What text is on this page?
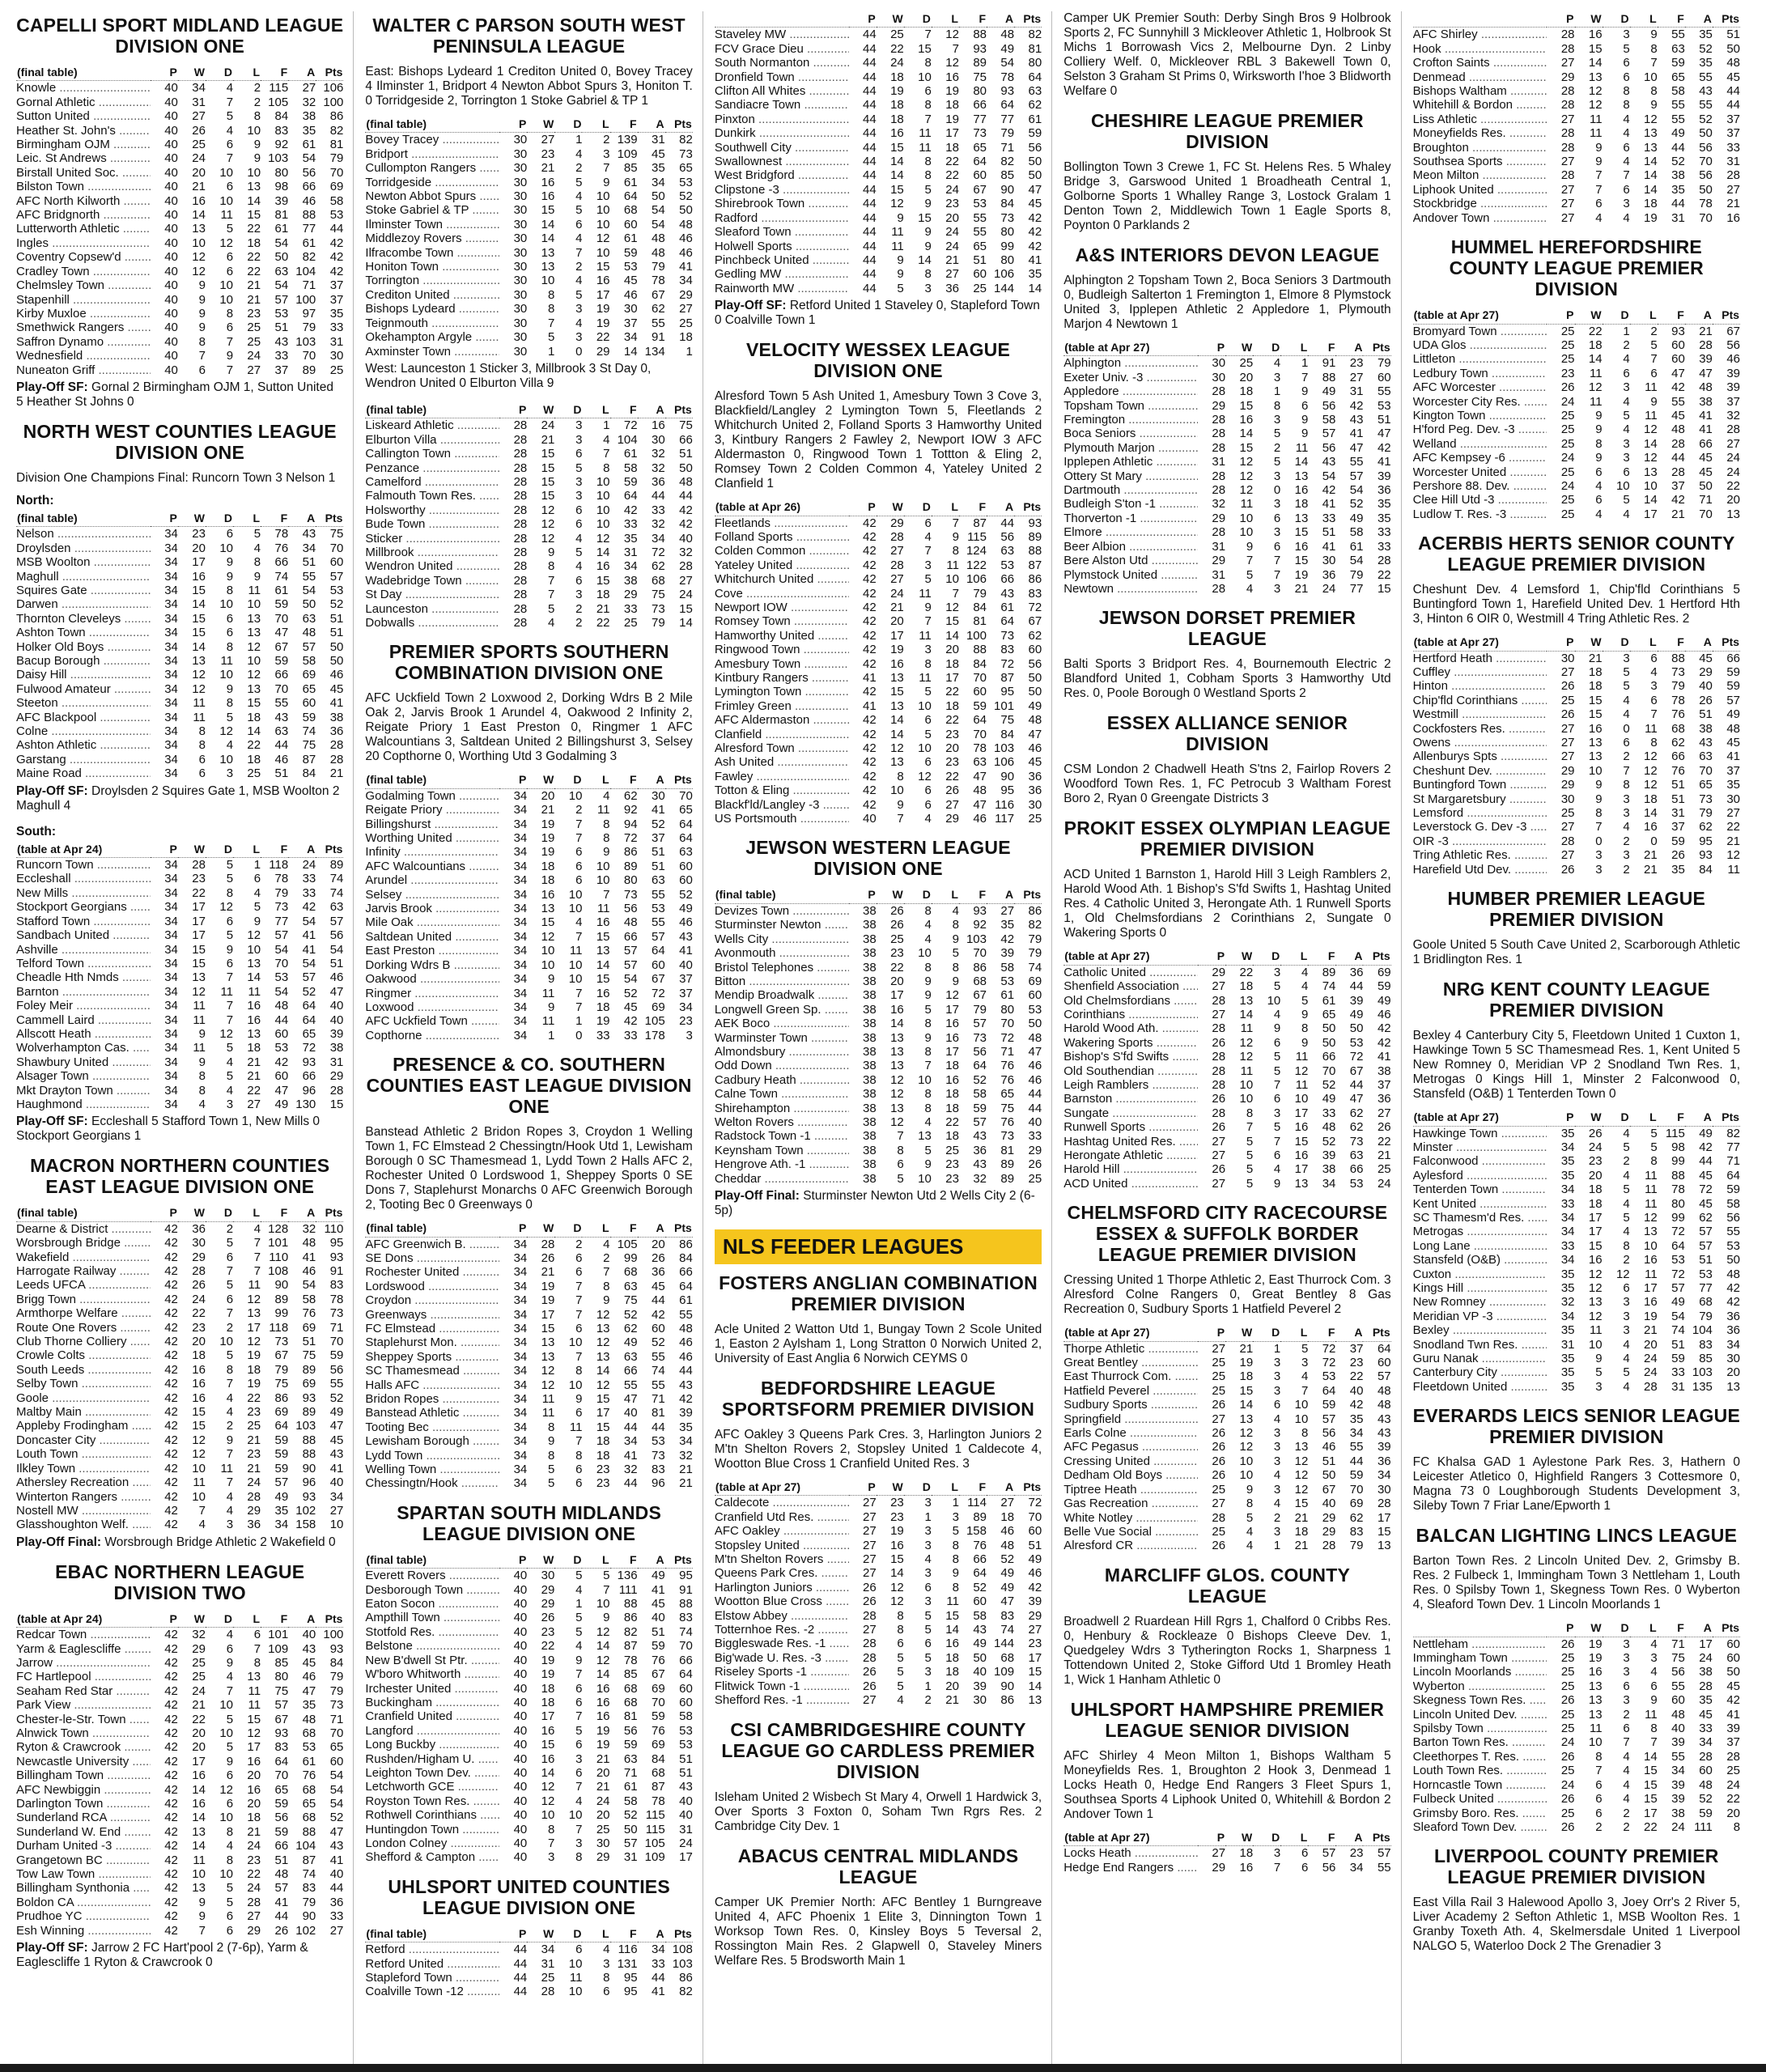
CAPELLI SPORT MIDLAND LEAGUE DIVISION ONE
(final table)	P	W	D	L	F	A	Pts
Knowle .....	40	34	4	2	115	27	106
Gornal Athletic .....	40	31	7	2	105	32	100
Sutton United .....	40	27	5	8	84	38	86
Heather St. John's .....	40	26	4	10	83	35	82
Birmingham OJM .....	40	25	6	9	92	61	81
Leic. St Andrews .....	40	24	7	9	103	54	79
Birstall United Soc. .....	40	20	10	10	80	56	70
Bilston Town .....	40	21	6	13	98	66	69
AFC North Kilworth .....	40	16	10	14	39	46	58
AFC Bridgnorth .....	40	14	11	15	81	88	53
Lutterworth Athletic .....	40	13	5	22	61	77	44
Ingles .....	40	10	12	18	54	61	42
Coventry Copsew'd .....	40	12	6	22	50	82	42
Cradley Town .....	40	12	6	22	63	104	42
Chelmsley Town .....	40	9	10	21	54	71	37
Stapenhill .....	40	9	10	21	57	100	37
Kirby Muxloe .....	40	9	8	23	53	97	35
Smethwick Rangers .....	40	9	6	25	51	79	33
Saffron Dynamo .....	40	8	7	25	43	103	31
Wednesfield .....	40	7	9	24	33	70	30
Nuneaton Griff .....	40	6	7	27	37	89	25

Play-Off SF: Gornal 2 Birmingham OJM 1, Sutton United 5 Heather St Johns 0

NORTH WEST COUNTIES LEAGUE DIVISION ONE

Division One Champions Final: Runcorn Town 3 Nelson 1

North:
(final table)	P	W	D	L	F	A	Pts
Nelson .....	34	23	6	5	78	43	75
Droylsden .....	34	20	10	4	76	34	70
MSB Woolton .....	34	17	9	8	66	51	60
Maghull .....	34	16	9	9	74	55	57
Squires Gate .....	34	15	8	11	61	54	53
Darwen .....	34	14	10	10	59	50	52
Thornton Cleveleys .....	34	15	6	13	70	63	51
Ashton Town .....	34	15	6	13	47	48	51
Holker Old Boys .....	34	14	8	12	67	57	50
Bacup Borough .....	34	13	11	10	59	58	50
Daisy Hill .....	34	12	10	12	66	69	46
Fulwood Amateur .....	34	12	9	13	70	65	45
Steeton .....	34	11	8	15	55	60	41
AFC Blackpool .....	34	11	5	18	43	59	38
Colne .....	34	8	12	14	63	74	36
Ashton Athletic .....	34	8	4	22	44	75	28
Garstang .....	34	6	10	18	46	87	28
Maine Road .....	34	6	3	25	51	84	21

Play-Off SF: Droylsden 2 Squires Gate 1, MSB Woolton 2 Maghull 4

South:
(table at Apr 24)	P	W	D	L	F	A	Pts
Runcorn Town .....	34	28	5	1	118	24	89
Eccleshall .....	34	23	5	6	78	33	74
New Mills .....	34	22	8	4	79	33	74
Stockport Georgians .....	34	17	12	5	73	42	63
Stafford Town .....	34	17	6	9	77	54	57
Sandbach United .....	34	17	5	12	57	41	56
Ashville .....	34	15	9	10	54	41	54
Telford Town .....	34	15	6	13	70	54	51
Cheadle Hth Nmds .....	34	13	7	14	53	57	46
Barnton .....	34	12	11	11	54	52	47
Foley Meir .....	34	11	7	16	48	64	40
Cammell Laird .....	34	11	7	16	44	64	40
Allscott Heath .....	34	9	12	13	60	65	39
Wolverhampton Cas. .....	34	11	5	18	53	72	38
Shawbury United .....	34	9	4	21	42	93	31
Alsager Town .....	34	8	5	21	60	66	29
Mkt Drayton Town .....	34	8	4	22	47	96	28
Haughmond .....	34	4	3	27	49	130	15

Play-Off SF: Eccleshall 5 Stafford Town 1, New Mills 0 Stockport Georgians 1

MACRON NORTHERN COUNTIES EAST LEAGUE DIVISION ONE
(final table)	P	W	D	L	F	A	Pts
Dearne & District .....	42	36	2	4	128	32	110
Worsbrough Bridge .....	42	30	5	7	101	48	95
Wakefield .....	42	29	6	7	110	41	93
Harrogate Railway .....	42	28	7	7	108	46	91
Leeds UFCA .....	42	26	5	11	90	54	83
Brigg Town .....	42	24	6	12	89	58	78
Armthorpe Welfare .....	42	22	7	13	99	76	73
Route One Rovers .....	42	23	2	17	118	69	71
Club Thorne Colliery .....	42	20	10	12	73	51	70
Crowle Colts .....	42	18	5	19	67	75	59
South Leeds .....	42	16	8	18	79	89	56
Selby Town .....	42	16	7	19	75	69	55
Goole .....	42	16	4	22	86	93	52
Maltby Main .....	42	15	4	23	69	89	49
Appleby Frodingham .....	42	15	2	25	64	103	47
Doncaster City .....	42	12	9	21	59	88	45
Louth Town .....	42	12	7	23	59	88	43
Ilkley Town .....	42	10	11	21	59	90	41
Athersley Recreation .....	42	11	7	24	57	96	40
Winterton Rangers .....	42	10	4	28	49	93	34
Nostell MW .....	42	7	4	29	35	102	27
Glasshoughton Welf. .....	42	4	3	36	34	158	10

Play-Off Final: Worsbrough Bridge Athletic 2 Wakefield 0

EBAC NORTHERN LEAGUE DIVISION TWO
(table at Apr 24)	P	W	D	L	F	A	Pts
Redcar Town .....	42	32	4	6	101	40	100
Yarm & Eaglescliffe .....	42	29	6	7	109	43	93
Jarrow .....	42	25	9	8	85	45	84
FC Hartlepool .....	42	25	4	13	80	46	79
Seaham Red Star .....	42	24	7	11	75	47	79
Park View .....	42	21	10	11	57	35	73
Chester-le-Str. Town .....	42	22	5	15	67	48	71
Alnwick Town .....	42	20	10	12	93	68	70
Ryton & Crawcrook .....	42	20	5	17	83	53	65
Newcastle University .....	42	17	9	16	64	61	60
Billingham Town .....	42	16	6	20	70	76	54
AFC Newbiggin .....	42	14	12	16	65	68	54
Darlington Town .....	42	16	6	20	59	65	54
Sunderland RCA .....	42	14	10	18	56	68	52
Sunderland W. End .....	42	13	8	21	59	88	47
Durham United -3 .....	42	14	4	24	66	104	43
Grangetown BC .....	42	11	8	23	51	87	41
Tow Law Town .....	42	10	10	22	48	74	40
Billingham Synthonia .....	42	13	5	24	57	83	44
Boldon CA .....	42	9	5	28	41	79	36
Prudhoe YC .....	42	9	6	27	44	90	33
Esh Winning .....	42	7	6	29	26	102	27

Play-Off SF: Jarrow 2 FC Hart'pool 2 (7-6p), Yarm & Eaglescliffe 1 Ryton & Crawcrook 0

WALTER C PARSON SOUTH WEST PENINSULA LEAGUE

East: Bishops Lydeard 1 Crediton United 0, Bovey Tracey 4 Ilminster 1, Bridport 4 Newton Abbot Spurs 3, Honiton T. 0 Torridgeside 2, Torrington 1 Stoke Gabriel & TP 1

(final table)	P	W	D	L	F	A	Pts
Bovey Tracey .....	30	27	1	2	139	31	82
Bridport .....	30	23	4	3	109	45	73
Cullompton Rangers .....	30	21	2	7	85	35	65
Torridgeside .....	30	16	5	9	61	34	53
Newton Abbot Spurs .....	30	16	4	10	64	50	52
Stoke Gabriel & TP .....	30	15	5	10	68	54	50
Ilminster Town .....	30	14	6	10	60	54	48
Middlezoy Rovers .....	30	14	4	12	61	48	46
Ilfracombe Town .....	30	13	7	10	59	48	46
Honiton Town .....	30	13	2	15	53	79	41
Torrington .....	30	10	4	16	45	78	34
Crediton United .....	30	8	5	17	46	67	29
Bishops Lydeard .....	30	8	3	19	30	62	27
Teignmouth .....	30	7	4	19	37	55	25
Okehampton Argyle .....	30	5	3	22	34	91	18
Axminster Town .....	30	1	0	29	14	134	1

West: Launceston 1 Sticker 3, Millbrook 3 St Day 0, Wendron United 0 Elburton Villa 9

(final table)	P	W	D	L	F	A	Pts
Liskeard Athletic .....	28	24	3	1	72	16	75
Elburton Villa .....	28	21	3	4	104	30	66
Callington Town .....	28	15	6	7	61	32	51
Penzance .....	28	15	5	8	58	32	50
Camelford .....	28	15	3	10	59	36	48
Falmouth Town Res. .....	28	15	3	10	64	44	44
Holsworthy .....	28	12	6	10	42	33	42
Bude Town .....	28	12	6	10	33	32	42
Sticker .....	28	12	4	12	35	34	40
Millbrook .....	28	9	5	14	31	72	32
Wendron United .....	28	8	4	16	34	62	28
Wadebridge Town .....	28	7	6	15	38	68	27
St Day .....	28	7	3	18	29	75	24
Launceston .....	28	5	2	21	33	73	15
Dobwalls .....	28	4	2	22	25	79	14
PREMIER SPORTS SOUTHERN COMBINATION DIVISION ONE

AFC Uckfield Town 2 Loxwood 2, Dorking Wdrs B 2 Mile Oak 2, Jarvis Brook 1 Arundel 4, Oakwood 2 Infinity 2, Reigate Priory 1 East Preston 0, Ringmer 1 AFC Walcountians 3, Saltdean United 2 Billingshurst 3, Selsey 20 Copthorne 0, Worthing Utd 3 Godalming 3

(final table)	P	W	D	L	F	A	Pts
Godalming Town .....	34	20	10	4	62	30	70
Reigate Priory .....	34	21	2	11	92	41	65
Billingshurst .....	34	19	7	8	94	52	64
Worthing United .....	34	19	7	8	72	37	64
Infinity .....	34	19	6	9	86	51	63
AFC Walcountians .....	34	18	6	10	89	51	60
Arundel .....	34	18	6	10	80	63	60
Selsey .....	34	16	10	7	73	55	52
Jarvis Brook .....	34	13	10	11	56	53	49
Mile Oak .....	34	15	4	16	48	55	46
Saltdean United .....	34	12	7	15	66	57	43
East Preston .....	34	10	11	13	57	64	41
Dorking Wdrs B .....	34	10	10	14	57	60	40
Oakwood .....	34	9	10	15	54	67	37
Ringmer .....	34	11	7	16	52	72	37
Loxwood .....	34	9	7	18	45	69	34
AFC Uckfield Town .....	34	11	1	19	42	105	23
Copthorne .....	34	1	0	33	33	178	3
PRESENCE & CO. SOUTHERN COUNTIES EAST LEAGUE DIVISION ONE

Banstead Athletic 2 Bridon Ropes 3, Croydon 1 Welling Town 1, FC Elmstead 2 Chessingtn/Hook Utd 1, Lewisham Borough 0 SC Thamesmead 1, Lydd Town 2 Halls AFC 2, Rochester United 0 Lordswood 1, Sheppey Sports 0 SE Dons 7, Staplehurst Monarchs 0 AFC Greenwich Borough 2, Tooting Bec 0 Greenways 0

(final table)	P	W	D	L	F	A	Pts
AFC Greenwich B. .....	34	28	2	4	105	20	86
SE Dons .....	34	26	6	2	99	26	84
Rochester United .....	34	21	6	7	68	36	66
Lordswood .....	34	19	7	8	63	45	64
Croydon .....	34	19	7	9	75	44	61
Greenways .....	34	17	7	12	52	42	55
FC Elmstead .....	34	15	6	13	62	60	48
Staplehurst Mon. .....	34	13	10	12	49	52	46
Sheppey Sports .....	34	13	7	13	63	55	46
SC Thamesmead .....	34	12	8	14	66	74	44
Halls AFC .....	34	12	10	12	55	55	43
Bridon Ropes .....	34	11	9	15	47	71	42
Banstead Athletic .....	34	11	6	17	40	81	39
Tooting Bec .....	34	8	11	15	44	44	35
Lewisham Borough .....	34	9	7	18	34	53	34
Lydd Town .....	34	8	8	18	41	73	32
Welling Town .....	34	5	6	23	32	83	21
Chessingtn/Hook .....	34	5	6	23	44	96	21
SPARTAN SOUTH MIDLANDS LEAGUE DIVISION ONE
(final table)	P	W	D	L	F	A	Pts
Everett Rovers .....	40	30	5	5	136	49	95
Desborough Town .....	40	29	4	7	111	41	91
Eaton Socon .....	40	29	1	10	88	45	88
Ampthill Town .....	40	26	5	9	86	40	83
Stotfold Res. .....	40	23	5	12	82	51	74
Belstone .....	40	22	4	14	87	59	70
New B'dwell St Ptr. .....	40	19	9	12	78	76	66
W'boro Whitworth .....	40	19	7	14	85	67	64
Irchester United .....	40	18	6	16	68	69	60
Buckingham .....	40	18	6	16	68	70	60
Cranfield United .....	40	17	7	16	81	59	58
Langford .....	40	16	5	19	56	76	53
Long Buckby .....	40	15	6	19	59	69	53
Rushden/Higham U. .....	40	16	3	21	63	84	51
Leighton Town Dev. .....	40	14	6	20	71	68	51
Letchworth GCE .....	40	12	7	21	61	87	43
Royston Town Res. .....	40	12	4	24	58	78	40
Rothwell Corinthians .....	40	10	10	20	52	115	40
Huntingdon Town .....	40	8	7	25	50	115	31
London Colney .....	40	7	3	30	57	105	24
Shefford & Campton .....	40	3	8	29	31	109	17
UHLSPORT UNITED COUNTIES LEAGUE DIVISION ONE
(final table)	P	W	D	L	F	A	Pts
Retford .....	44	34	6	4	116	34	108
Retford United .....	44	31	10	3	131	33	103
Stapleford Town .....	44	25	11	8	95	44	86
Coalville Town -12 .....	44	28	10	6	95	41	82
	P	W	D	L	F	A	Pts
Staveley MW .....	44	25	7	12	88	48	82
FCV Grace Dieu .....	44	22	15	7	93	49	81
South Normanton .....	44	24	8	12	89	54	80
Dronfield Town .....	44	18	10	16	75	78	64
Clifton All Whites .....	44	19	6	19	80	93	63
Sandiacre Town .....	44	18	8	18	66	64	62
Pinxton .....	44	18	7	19	77	77	61
Dunkirk .....	44	16	11	17	73	79	59
Southwell City .....	44	15	11	18	65	71	56
Swallownest .....	44	14	8	22	64	82	50
West Bridgford .....	44	14	8	22	60	85	50
Clipstone -3 .....	44	15	5	24	67	90	47
Shirebrook Town .....	44	12	9	23	53	84	45
Radford .....	44	9	15	20	55	73	42
Sleaford Town .....	44	11	9	24	55	80	42
Holwell Sports .....	44	11	9	24	65	99	42
Pinchbeck United .....	44	9	14	21	51	80	41
Gedling MW .....	44	9	8	27	60	106	35
Rainworth MW .....	44	5	3	36	25	144	14

Play-Off SF: Retford United 1 Staveley 0, Stapleford Town 0 Coalville Town 1

VELOCITY WESSEX LEAGUE DIVISION ONE

Alresford Town 5 Ash United 1, Amesbury Town 3 Cove 3, Blackfield/Langley 2 Lymington Town 5, Fleetlands 2 Whitchurch United 2, Folland Sports 3 Hamworthy United 3, Kintbury Rangers 2 Fawley 2, Newport IOW 3 AFC Aldermaston 0, Ringwood Town 1 Tottton & Eling 2, Romsey Town 2 Colden Common 4, Yateley United 2 Clanfield 1

(table at Apr 26)	P	W	D	L	F	A	Pts
Fleetlands .....	42	29	6	7	87	44	93
Folland Sports .....	42	28	4	9	115	56	89
Colden Common .....	42	27	7	8	124	63	88
Yateley United .....	42	28	3	11	122	53	87
Whitchurch United .....	42	27	5	10	106	66	86
Cove .....	42	24	11	7	79	43	83
Newport IOW .....	42	21	9	12	84	61	72
Romsey Town .....	42	20	7	15	81	64	67
Hamworthy United .....	42	17	11	14	100	73	62
Ringwood Town .....	42	19	3	20	88	83	60
Amesbury Town .....	42	16	8	18	84	72	56
Kintbury Rangers .....	41	13	11	17	70	87	50
Lymington Town .....	42	15	5	22	60	95	50
Frimley Green .....	41	13	10	18	59	101	49
AFC Aldermaston .....	42	14	6	22	64	75	48
Clanfield .....	42	14	5	23	70	84	47
Alresford Town .....	42	12	10	20	78	103	46
Ash United .....	42	13	6	23	63	106	45
Fawley .....	42	8	12	22	47	90	36
Totton & Eling .....	42	10	6	26	48	95	36
Blackf'ld/Langley -3 .....	42	9	6	27	47	116	30
US Portsmouth .....	40	7	4	29	46	117	25
JEWSON WESTERN LEAGUE DIVISION ONE
(final table)	P	W	D	L	F	A	Pts
Devizes Town .....	38	26	8	4	93	27	86
Sturminster Newton .....	38	26	4	8	92	35	82
Wells City .....	38	25	4	9	103	42	79
Avonmouth .....	38	23	10	5	70	39	79
Bristol Telephones .....	38	22	8	8	86	58	74
Bitton .....	38	20	9	9	68	53	69
Mendip Broadwalk .....	38	17	9	12	67	61	60
Longwell Green Sp. .....	38	16	5	17	79	80	53
AEK Boco .....	38	14	8	16	57	70	50
Warminster Town .....	38	13	9	16	73	72	48
Almondsbury .....	38	13	8	17	56	71	47
Odd Down .....	38	13	7	18	64	76	46
Cadbury Heath .....	38	12	10	16	52	76	46
Calne Town .....	38	12	8	18	58	65	44
Shirehampton .....	38	13	8	18	59	75	44
Welton Rovers .....	38	12	4	22	57	76	40
Radstock Town -1 .....	38	7	13	18	43	73	33
Keynsham Town .....	38	8	5	25	36	81	29
Hengrove Ath. -1 .....	38	6	9	23	43	89	26
Cheddar .....	38	5	10	23	32	89	25

Play-Off Final: Sturminster Newton Utd 2 Wells City 2 (6-5p)

NLS FEEDER LEAGUES
FOSTERS ANGLIAN COMBINATION PREMIER DIVISION

Acle United 2 Watton Utd 1, Bungay Town 2 Scole United 1, Easton 2 Aylsham 1, Long Stratton 0 Norwich United 2, University of East Anglia 6 Norwich CEYMS 0

BEDFORDSHIRE LEAGUE SPORTSFORM PREMIER DIVISION

AFC Oakley 3 Queens Park Cres. 3, Harlington Juniors 2 M'tn Shelton Rovers 2, Stopsley United 1 Caldecote 4, Wootton Blue Cross 1 Cranfield United Res. 3

(table at Apr 27)	P	W	D	L	F	A	Pts
Caldecote .....	27	23	3	1	114	27	72
Cranfield Utd Res. .....	27	23	1	3	89	18	70
AFC Oakley .....	27	19	3	5	158	46	60
Stopsley United .....	27	16	3	8	76	48	51
M'tn Shelton Rovers .....	27	15	4	8	66	52	49
Queens Park Cres. .....	27	14	3	9	64	49	46
Harlington Juniors .....	26	12	6	8	52	49	42
Wootton Blue Cross .....	26	12	3	11	60	47	39
Elstow Abbey .....	28	8	5	15	58	83	29
Totternhoe Res. -2 .....	27	8	5	14	43	74	27
Biggleswade Res. -1 .....	28	6	6	16	49	144	23
Big'wade U. Res. -3 .....	28	5	5	18	50	68	17
Riseley Sports -1 .....	26	5	3	18	40	109	15
Flitwick Town -1 .....	26	5	1	20	39	90	14
Shefford Res. -1 .....	27	4	2	21	30	86	13
CSI CAMBRIDGESHIRE COUNTY LEAGUE GO CARDLESS PREMIER DIVISION

Isleham United 2 Wisbech St Mary 4, Orwell 1 Hardwick 3, Over Sports 3 Foxton 0, Soham Twn Rgrs Res. 2 Cambridge City Dev. 1

ABACUS CENTRAL MIDLANDS LEAGUE

Camper UK Premier North: AFC Bentley 1 Burngreave United 4, AFC Phoenix 1 Elite 3, Dinnington Town 1 Worksop Town Res. 0, Kinsley Boys 5 Teversal 2, Rossington Main Res. 2 Glapwell 0, Staveley Miners Welfare Res. 5 Brodsworth Main 1

Camper UK Premier South: Derby Singh Bros 9 Holbrook Sports 2, FC Sunnyhill 3 Mickleover Athletic 1, Holbrook St Michs 1 Borrowash Vics 2, Melbourne Dyn. 2 Linby Colliery Welf. 0, Mickleover RBL 3 Bakewell Town 0, Selston 3 Graham St Prims 0, Wirksworth I'hoe 3 Blidworth Welfare 0

CHESHIRE LEAGUE PREMIER DIVISION

Bollington Town 3 Crewe 1, FC St. Helens Res. 5 Whaley Bridge 3, Garswood United 1 Broadheath Central 1, Golborne Sports 1 Whalley Range 3, Lostock Gralam 1 Denton Town 2, Middlewich Town 1 Eagle Sports 8, Poynton 0 Parklands 2

A&S INTERIORS DEVON LEAGUE

Alphington 2 Topsham Town 2, Boca Seniors 3 Dartmouth 0, Budleigh Salterton 1 Fremington 1, Elmore 8 Plymstock United 3, Ipplepen Athletic 2 Appledore 1, Plymouth Marjon 4 Newtown 1

(table at Apr 27)	P	W	D	L	F	A	Pts
Alphington .....	30	25	4	1	91	23	79
Exeter Univ. -3 .....	30	20	3	7	88	27	60
Appledore .....	28	18	1	9	49	31	55
Topsham Town .....	29	15	8	6	56	42	53
Fremington .....	28	16	3	9	58	43	51
Boca Seniors .....	28	14	5	9	57	41	47
Plymouth Marjon .....	28	15	2	11	56	47	42
Ipplepen Athletic .....	31	12	5	14	43	55	41
Ottery St Mary .....	28	12	3	13	54	57	39
Dartmouth .....	28	12	0	16	42	54	36
Budleigh S'ton -1 .....	32	11	3	18	41	52	35
Thorverton -1 .....	29	10	6	13	33	49	35
Elmore .....	28	10	3	15	51	58	33
Beer Albion .....	31	9	6	16	41	61	33
Bere Alston Utd .....	29	7	7	15	30	54	28
Plymstock United .....	31	5	7	19	36	79	22
Newtown .....	28	4	3	21	24	77	15
JEWSON DORSET PREMIER LEAGUE

Balti Sports 3 Bridport Res. 4, Bournemouth Electric 2 Blandford United 1, Cobham Sports 3 Hamworthy Utd Res. 0, Poole Borough 0 Westland Sports 2

ESSEX ALLIANCE SENIOR DIVISION

CSM London 2 Chadwell Heath S'tns 2, Fairlop Rovers 2 Woodford Town Res. 1, FC Petrocub 3 Waltham Forest Boro 2, Ryan 0 Greengate Districts 3

PROKIT ESSEX OLYMPIAN LEAGUE PREMIER DIVISION

ACD United 1 Barnston 1, Harold Hill 3 Leigh Ramblers 2, Harold Wood Ath. 1 Bishop's S'fd Swifts 1, Hashtag United Res. 4 Catholic United 3, Herongate Ath. 1 Runwell Sports 1, Old Chelmsfordians 2 Corinthians 2, Sungate 0 Wakering Sports 0

(table at Apr 27)	P	W	D	L	F	A	Pts
Catholic United .....	29	22	3	4	89	36	69
Shenfield Association .....	27	18	5	4	74	44	59
Old Chelmsfordians .....	28	13	10	5	61	39	49
Corinthians .....	27	14	4	9	65	49	46
Harold Wood Ath. .....	28	11	9	8	50	50	42
Wakering Sports .....	26	12	6	9	50	53	42
Bishop's S'fd Swifts .....	28	12	5	11	66	72	41
Old Southendian .....	28	11	5	12	70	67	38
Leigh Ramblers .....	28	10	7	11	52	44	37
Barnston .....	26	10	6	10	49	47	36
Sungate .....	28	8	3	17	33	62	27
Runwell Sports .....	26	7	5	16	48	62	26
Hashtag United Res. .....	27	5	7	15	52	73	22
Herongate Athletic .....	27	5	6	16	39	63	21
Harold Hill .....	26	5	4	17	38	66	25
ACD United .....	27	5	9	13	34	53	24
CHELMSFORD CITY RACECOURSE ESSEX & SUFFOLK BORDER LEAGUE PREMIER DIVISION

Cressing United 1 Thorpe Athletic 2, East Thurrock Com. 3 Alresford Colne Rangers 0, Great Bentley 8 Gas Recreation 0, Sudbury Sports 1 Hatfield Peverel 2

(table at Apr 27)	P	W	D	L	F	A	Pts
Thorpe Athletic .....	27	21	1	5	72	37	64
Great Bentley .....	25	19	3	3	72	23	60
East Thurrock Com. .....	25	18	3	4	53	22	57
Hatfield Peverel .....	25	15	3	7	64	40	48
Sudbury Sports .....	26	14	6	10	59	42	48
Springfield .....	27	13	4	10	57	35	43
Earls Colne .....	26	12	3	8	56	34	43
AFC Pegasus .....	26	12	3	13	46	55	39
Cressing United .....	26	10	3	12	51	44	36
Dedham Old Boys .....	26	10	4	12	50	59	34
Tiptree Heath .....	25	9	3	12	67	70	30
Gas Recreation .....	27	8	4	15	40	69	28
White Notley .....	28	5	2	21	29	62	17
Belle Vue Social .....	25	4	3	18	29	83	15
Alresford CR .....	26	4	1	21	28	79	13
MARCLIFF GLOS. COUNTY LEAGUE

Broadwell 2 Ruardean Hill Rgrs 1, Chalford 0 Cribbs Res. 0, Henbury & Rockleaze 0 Bishops Cleeve Dev. 1, Quedgeley Wdrs 3 Tytherington Rocks 1, Sharpness 1 Tottendown United 2, Stoke Gifford Utd 1 Bromley Heath 1, Wick 1 Hanham Athletic 0

UHLSPORT HAMPSHIRE PREMIER LEAGUE SENIOR DIVISION

AFC Shirley 4 Meon Milton 1, Bishops Waltham 5 Moneyfields Res. 1, Broughton 2 Hook 3, Denmead 1 Locks Heath 0, Hedge End Rangers 3 Fleet Spurs 1, Southsea Sports 4 Liphook United 0, Whitehill & Bordon 2 Andover Town 1

(table at Apr 27)	P	W	D	L	F	A	Pts
Locks Heath .....	27	18	3	6	57	23	57
Hedge End Rangers .....	29	16	7	6	56	34	55
	P	W	D	L	F	A	Pts
AFC Shirley .....	28	16	3	9	55	35	51
Hook .....	28	15	5	8	63	52	50
Crofton Saints .....	27	14	6	7	59	35	48
Denmead .....	29	13	6	10	65	55	45
Bishops Waltham .....	28	12	8	8	58	43	44
Whitehill & Bordon .....	28	12	8	9	55	55	44
Liss Athletic .....	27	11	4	12	55	52	37
Moneyfields Res. .....	28	11	4	13	49	50	37
Broughton .....	28	9	6	13	44	56	33
Southsea Sports .....	27	9	4	14	52	70	31
Meon Milton .....	28	7	7	14	38	56	28
Liphook United .....	27	7	6	14	35	50	27
Stockbridge .....	27	6	3	18	44	78	21
Andover Town .....	27	4	4	19	31	70	16
HUMMEL HEREFORDSHIRE COUNTY LEAGUE PREMIER DIVISION
(table at Apr 27)	P	W	D	L	F	A	Pts
Bromyard Town .....	25	22	1	2	93	21	67
UDA Glos .....	25	18	2	5	60	28	56
Littleton .....	25	14	4	7	60	39	46
Ledbury Town .....	23	11	6	6	47	47	39
AFC Worcester .....	26	12	3	11	42	48	39
Worcester City Res. .....	24	11	4	9	55	38	37
Kington Town .....	25	9	5	11	45	41	32
H'ford Peg. Dev. -3 .....	25	9	4	12	48	41	28
Welland .....	25	8	3	14	28	66	27
AFC Kempsey -6 .....	24	9	3	12	44	45	24
Worcester United .....	25	6	6	13	28	45	24
Pershore 88. Dev. .....	24	4	10	10	37	50	22
Clee Hill Utd -3 .....	25	6	5	14	42	71	20
Ludlow T. Res. -3 .....	25	4	4	17	21	70	13
ACERBIS HERTS SENIOR COUNTY LEAGUE PREMIER DIVISION

Cheshunt Dev. 4 Lemsford 1, Chip'fld Corinthians 5 Buntingford Town 1, Harefield United Dev. 1 Hertford Hth 3, Hinton 6 OIR 0, Westmill 4 Tring Athletic Res. 2

(table at Apr 27)	P	W	D	L	F	A	Pts
Hertford Heath .....	30	21	3	6	88	45	66
Cuffley .....	27	18	5	4	73	29	59
Hinton .....	26	18	5	3	79	40	59
Chip'fld Corinthians .....	25	15	4	6	78	26	57
Westmill .....	26	15	4	7	76	51	49
Cockfosters Res. .....	27	16	0	11	68	38	48
Owens .....	27	13	6	8	62	43	45
Allenburys Spts .....	27	13	2	12	66	63	41
Cheshunt Dev. .....	29	10	7	12	76	70	37
Buntingford Town .....	29	9	8	12	51	65	35
St Margaretsbury .....	30	9	3	18	51	73	30
Lemsford .....	25	8	3	14	31	79	27
Leverstock G. Dev -3 .....	27	7	4	16	37	62	22
OIR -3 .....	28	0	2	0	59	95	21
Tring Athletic Res. .....	27	3	3	21	26	93	12
Harefield Utd Dev. .....	26	3	2	21	35	84	11
HUMBER PREMIER LEAGUE PREMIER DIVISION

Goole United 5 South Cave United 2, Scarborough Athletic 1 Bridlington Res. 1

NRG KENT COUNTY LEAGUE PREMIER DIVISION

Bexley 4 Canterbury City 5, Fleetdown United 1 Cuxton 1, Hawkinge Town 5 SC Thamesmead Res. 1, Kent United 5 New Romney 0, Meridian VP 2 Snodland Twn Res. 1, Metrogas 0 Kings Hill 1, Minster 2 Falconwood 0, Stansfeld (O&B) 1 Tenterden Town 0

(table at Apr 27)	P	W	D	L	F	A	Pts
Hawkinge Town .....	35	26	4	5	115	49	82
Minster .....	34	24	5	5	98	42	77
Falconwood .....	35	23	2	8	99	44	71
Aylesford .....	35	20	4	11	88	45	64
Tenterden Town .....	34	18	5	11	78	72	59
Kent United .....	33	18	4	11	80	45	58
SC Thamesm'd Res. .....	34	17	5	12	99	62	56
Metrogas .....	34	17	4	13	72	57	55
Long Lane .....	33	15	8	10	64	57	53
Stansfeld (O&B) .....	34	16	2	16	53	51	50
Cuxton .....	35	12	12	11	72	53	48
Kings Hill .....	35	12	6	17	57	77	42
New Romney .....	32	13	3	16	49	68	42
Meridian VP -3 .....	34	12	3	19	54	79	36
Bexley .....	35	11	3	21	74	104	36
Snodland Twn Res. .....	31	10	4	20	51	83	34
Guru Nanak .....	35	9	4	24	59	85	30
Canterbury City .....	35	5	5	24	33	103	20
Fleetdown United .....	35	3	4	28	31	135	13
EVERARDS LEICS SENIOR LEAGUE PREMIER DIVISION

FC Khalsa GAD 1 Aylestone Park Res. 3, Hathern 0 Leicester Atletico 0, Highfield Rangers 3 Cottesmore 0, Magna 73 0 Loughborough Students Development 3, Sileby Town 7 Friar Lane/Epworth 1

BALCAN LIGHTING LINCS LEAGUE

Barton Town Res. 2 Lincoln United Dev. 2, Grimsby B. Res. 2 Fulbeck 1, Immingham Town 3 Nettleham 1, Louth Res. 0 Spilsby Town 1, Skegness Town Res. 0 Wyberton 4, Sleaford Town Dev. 1 Lincoln Moorlands 1

	P	W	D	L	F	A	Pts
Nettleham .....	26	19	3	4	71	17	60
Immingham Town .....	25	19	3	3	75	24	60
Lincoln Moorlands .....	25	16	3	4	56	38	50
Wyberton .....	25	13	6	6	55	28	45
Skegness Town Res. .....	26	13	3	9	60	35	42
Lincoln United Dev. .....	25	13	2	11	48	45	41
Spilsby Town .....	25	11	6	8	40	33	39
Barton Town Res. .....	24	10	7	7	39	34	37
Cleethorpes T. Res. .....	26	8	4	14	55	28	28
Louth Town Res. .....	25	7	4	15	34	60	25
Horncastle Town .....	24	6	4	15	39	48	24
Fulbeck United .....	26	6	4	15	39	52	22
Grimsby Boro. Res. .....	25	6	2	17	38	59	20
Sleaford Town Dev. .....	26	2	2	22	24	111	8
LIVERPOOL COUNTY PREMIER LEAGUE PREMIER DIVISION

East Villa Rail 3 Halewood Apollo 3, Joey Orr's 2 River 5, Liver Academy 2 Sefton Athletic 1, MSB Woolton Res. 1 Granby Toxeth Ath. 4, Skelmersdale United 1 Liverpool NALGO 5, Waterloo Dock 2 The Grenadier 3
